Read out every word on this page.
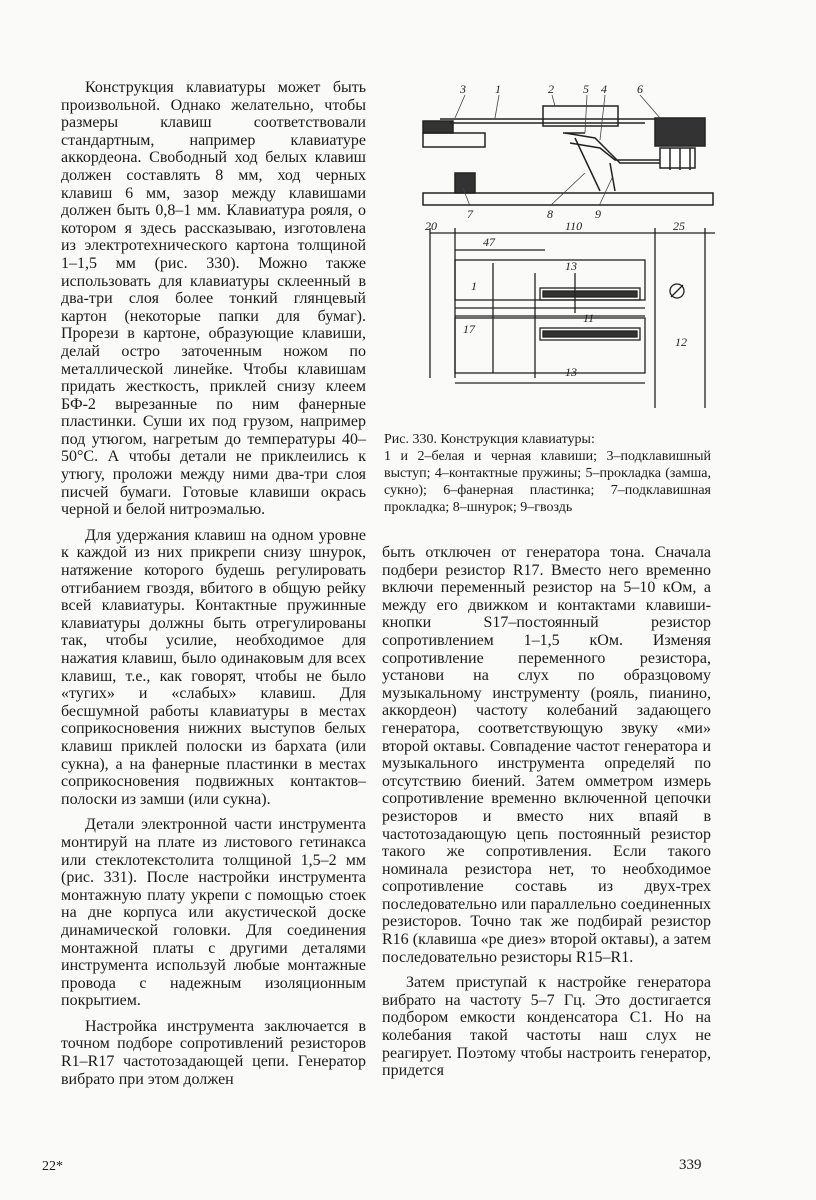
Конструкция клавиатуры может быть произвольной. Однако желательно, чтобы размеры клавиш соответствовали стандартным, например клавиатуре аккордеона. Свободный ход белых клавиш должен составлять 8 мм, ход черных клавиш 6 мм, зазор между клавишами должен быть 0,8–1 мм. Клавиатура рояля, о котором я здесь рассказываю, изготовлена из электротехнического картона толщиной 1–1,5 мм (рис. 330). Можно также использовать для клавиатуры склеенный в два-три слоя более тонкий глянцевый картон (некоторые папки для бумаг). Прорези в картоне, образующие клавиши, делай остро заточенным ножом по металлической линейке. Чтобы клавишам придать жесткость, приклей снизу клеем БФ-2 вырезанные по ним фанерные пластинки. Суши их под грузом, например под утюгом, нагретым до температуры 40–50°С. А чтобы детали не приклеились к утюгу, проложи между ними два-три слоя писчей бумаги. Готовые клавиши окрась черной и белой нитроэмалью.

Для удержания клавиш на одном уровне к каждой из них прикрепи снизу шнурок, натяжение которого будешь регулировать отгибанием гвоздя, вбитого в общую рейку всей клавиатуры. Контактные пружинные клавиатуры должны быть отрегулированы так, чтобы усилие, необходимое для нажатия клавиш, было одинаковым для всех клавиш, т.е., как говорят, чтобы не было «тугих» и «слабых» клавиш. Для бесшумной работы клавиатуры в местах соприкосновения нижних выступов белых клавиш приклей полоски из бархата (или сукна), а на фанерные пластинки в местах соприкосновения подвижных контактов–полоски из замши (или сукна).

Детали электронной части инструмента монтируй на плате из листового гетинакса или стеклотекстолита толщиной 1,5–2 мм (рис. 331). После настройки инструмента монтажную плату укрепи с помощью стоек на дне корпуса или акустической доске динамической головки. Для соединения монтажной платы с другими деталями инструмента используй любые монтажные провода с надежным изоляционным покрытием.

Настройка инструмента заключается в точном подборе сопротивлений резисторов R1–R17 частотозадающей цепи. Генератор вибрато при этом должен

3 1	2 5 4	6
7	8	9
20	110	25
47
13
1
17
11
12
13
Рис. 330. Конструкция клавиатуры:
1 и 2–белая и черная клавиши; 3–подклавишный выступ; 4–контактные пружины; 5–прокладка (замша, сукно); 6–фанерная пластинка; 7–подклавишная прокладка; 8–шнурок; 9–гвоздь

быть отключен от генератора тона. Сначала подбери резистор R17. Вместо него временно включи переменный резистор на 5–10 кОм, а между его движком и контактами клавиши-кнопки S17–постоянный резистор сопротивлением 1–1,5 кОм. Изменяя сопротивление переменного резистора, установи на слух по образцовому музыкальному инструменту (рояль, пианино, аккордеон) частоту колебаний задающего генератора, соответствующую звуку «ми» второй октавы. Совпадение частот генератора и музыкального инструмента определяй по отсутствию биений. Затем омметром измерь сопротивление временно включенной цепочки резисторов и вместо них впаяй в частотозадающую цепь постоянный резистор такого же сопротивления. Если такого номинала резистора нет, то необходимое сопротивление составь из двух-трех последовательно или параллельно соединенных резисторов. Точно так же подбирай резистор R16 (клавиша «ре диез» второй октавы), а затем последовательно резисторы R15–R1.

Затем приступай к настройке генератора вибрато на частоту 5–7 Гц. Это достигается подбором емкости конденсатора С1. Но на колебания такой частоты наш слух не реагирует. Поэтому чтобы настроить генератор, придется

22*	339
